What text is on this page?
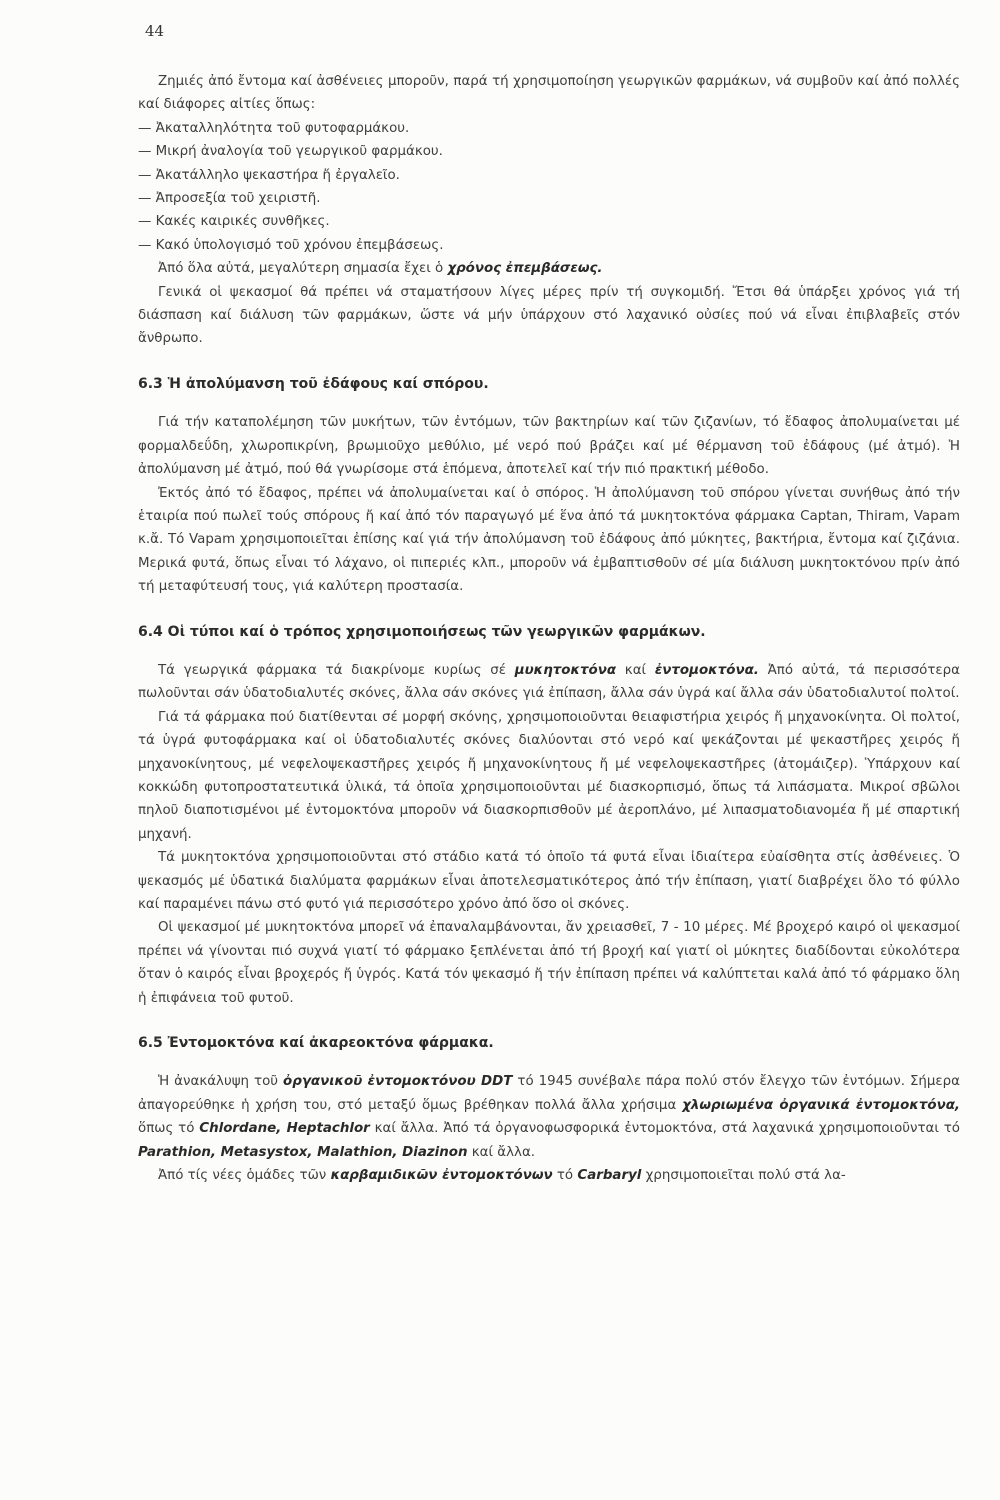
44

Ζημιές ἀπό ἔντομα καί ἀσθένειες μποροῦν, παρά τή χρησιμοποίηση γεωργικῶν φαρμάκων, νά συμβοῦν καί ἀπό πολλές καί διάφορες αἰτίες ὅπως:

— Ἀκαταλληλότητα τοῦ φυτοφαρμάκου.
— Μικρή ἀναλογία τοῦ γεωργικοῦ φαρμάκου.
— Ἀκατάλληλο ψεκαστήρα ἤ ἐργαλεῖο.
— Ἀπροσεξία τοῦ χειριστῆ.
— Κακές καιρικές συνθῆκες.
— Κακό ὑπολογισμό τοῦ χρόνου ἐπεμβάσεως.

Ἀπό ὅλα αὐτά, μεγαλύτερη σημασία ἔχει ὁ χρόνος ἐπεμβάσεως.

Γενικά οἱ ψεκασμοί θά πρέπει νά σταματήσουν λίγες μέρες πρίν τή συγκομιδή. Ἔτσι θά ὑπάρξει χρόνος γιά τή διάσπαση καί διάλυση τῶν φαρμάκων, ὥστε νά μήν ὑπάρχουν στό λαχανικό οὐσίες πού νά εἶναι ἐπιβλαβεῖς στόν ἄνθρωπο.

6.3 Ἡ ἀπολύμανση τοῦ ἐδάφους καί σπόρου.

Γιά τήν καταπολέμηση τῶν μυκήτων, τῶν ἐντόμων, τῶν βακτηρίων καί τῶν ζιζανίων, τό ἔδαφος ἀπολυμαίνεται μέ φορμαλδεΰδη, χλωροπικρίνη, βρωμιοῦχο μεθύλιο, μέ νερό πού βράζει καί μέ θέρμανση τοῦ ἐδάφους (μέ ἀτμό). Ἡ ἀπολύμανση μέ ἀτμό, πού θά γνωρίσομε στά ἑπόμενα, ἀποτελεῖ καί τήν πιό πρακτική μέθοδο.

Ἐκτός ἀπό τό ἔδαφος, πρέπει νά ἀπολυμαίνεται καί ὁ σπόρος. Ἡ ἀπολύμανση τοῦ σπόρου γίνεται συνήθως ἀπό τήν ἑταιρία πού πωλεῖ τούς σπόρους ἤ καί ἀπό τόν παραγωγό μέ ἕνα ἀπό τά μυκητοκτόνα φάρμακα Captan, Thiram, Vapam κ.ἄ. Τό Vapam χρησιμοποιεῖται ἐπίσης καί γιά τήν ἀπολύμανση τοῦ ἐδάφους ἀπό μύκητες, βακτήρια, ἔντομα καί ζιζάνια. Μερικά φυτά, ὅπως εἶναι τό λάχανο, οἱ πιπεριές κλπ., μποροῦν νά ἐμβαπτισθοῦν σέ μία διάλυση μυκητοκτόνου πρίν ἀπό τή μεταφύτευσή τους, γιά καλύτερη προστασία.

6.4 Οἱ τύποι καί ὁ τρόπος χρησιμοποιήσεως τῶν γεωργικῶν φαρμάκων.

Τά γεωργικά φάρμακα τά διακρίνομε κυρίως σέ μυκητοκτόνα καί ἐντομοκτόνα. Ἀπό αὐτά, τά περισσότερα πωλοῦνται σάν ὑδατοδιαλυτές σκόνες, ἄλλα σάν σκόνες γιά ἐπίπαση, ἄλλα σάν ὑγρά καί ἄλλα σάν ὑδατοδιαλυτοί πολτοί.

Γιά τά φάρμακα πού διατίθενται σέ μορφή σκόνης, χρησιμοποιοῦνται θειαφιστήρια χειρός ἤ μηχανοκίνητα. Οἱ πολτοί, τά ὑγρά φυτοφάρμακα καί οἱ ὑδατοδιαλυτές σκόνες διαλύονται στό νερό καί ψεκάζονται μέ ψεκαστῆρες χειρός ἤ μηχανοκίνητους, μέ νεφελοψεκαστῆρες χειρός ἤ μηχανοκίνητους ἤ μέ νεφελοψεκαστῆρες (ἀτομάιζερ). Ὑπάρχουν καί κοκκώδη φυτοπροστατευτικά ὑλικά, τά ὁποῖα χρησιμοποιοῦνται μέ διασκορπισμό, ὅπως τά λιπάσματα. Μικροί σβῶλοι πηλοῦ διαποτισμένοι μέ ἐντομοκτόνα μποροῦν νά διασκορπισθοῦν μέ ἀεροπλάνο, μέ λιπασματοδιανομέα ἤ μέ σπαρτική μηχανή.

Τά μυκητοκτόνα χρησιμοποιοῦνται στό στάδιο κατά τό ὁποῖο τά φυτά εἶναι ἰδιαίτερα εὐαίσθητα στίς ἀσθένειες. Ὁ ψεκασμός μέ ὑδατικά διαλύματα φαρμάκων εἶναι ἀποτελεσματικότερος ἀπό τήν ἐπίπαση, γιατί διαβρέχει ὅλο τό φύλλο καί παραμένει πάνω στό φυτό γιά περισσότερο χρόνο ἀπό ὅσο οἱ σκόνες.

Οἱ ψεκασμοί μέ μυκητοκτόνα μπορεῖ νά ἐπαναλαμβάνονται, ἄν χρειασθεῖ, 7 - 10 μέρες. Μέ βροχερό καιρό οἱ ψεκασμοί πρέπει νά γίνονται πιό συχνά γιατί τό φάρμακο ξεπλένεται ἀπό τή βροχή καί γιατί οἱ μύκητες διαδίδονται εὐκολότερα ὅταν ὁ καιρός εἶναι βροχερός ἤ ὑγρός. Κατά τόν ψεκασμό ἤ τήν ἐπίπαση πρέπει νά καλύπτεται καλά ἀπό τό φάρμακο ὅλη ἡ ἐπιφάνεια τοῦ φυτοῦ.

6.5 Ἐντομοκτόνα καί ἀκαρεοκτόνα φάρμακα.

Ἡ ἀνακάλυψη τοῦ ὀργανικοῦ ἐντομοκτόνου DDT τό 1945 συνέβαλε πάρα πολύ στόν ἔλεγχο τῶν ἐντόμων. Σήμερα ἀπαγορεύθηκε ἡ χρήση του, στό μεταξύ ὅμως βρέθηκαν πολλά ἄλλα χρήσιμα χλωριωμένα ὀργανικά ἐντομοκτόνα, ὅπως τό Chlordane, Heptachlor καί ἄλλα. Ἀπό τά ὀργανοφωσφορικά ἐντομοκτόνα, στά λαχανικά χρησιμοποιοῦνται τό Parathion, Metasystox, Malathion, Diazinon καί ἄλλα.

Ἀπό τίς νέες ὁμάδες τῶν καρβαμιδικῶν ἐντομοκτόνων τό Carbaryl χρησιμοποιεῖται πολύ στά λα-
